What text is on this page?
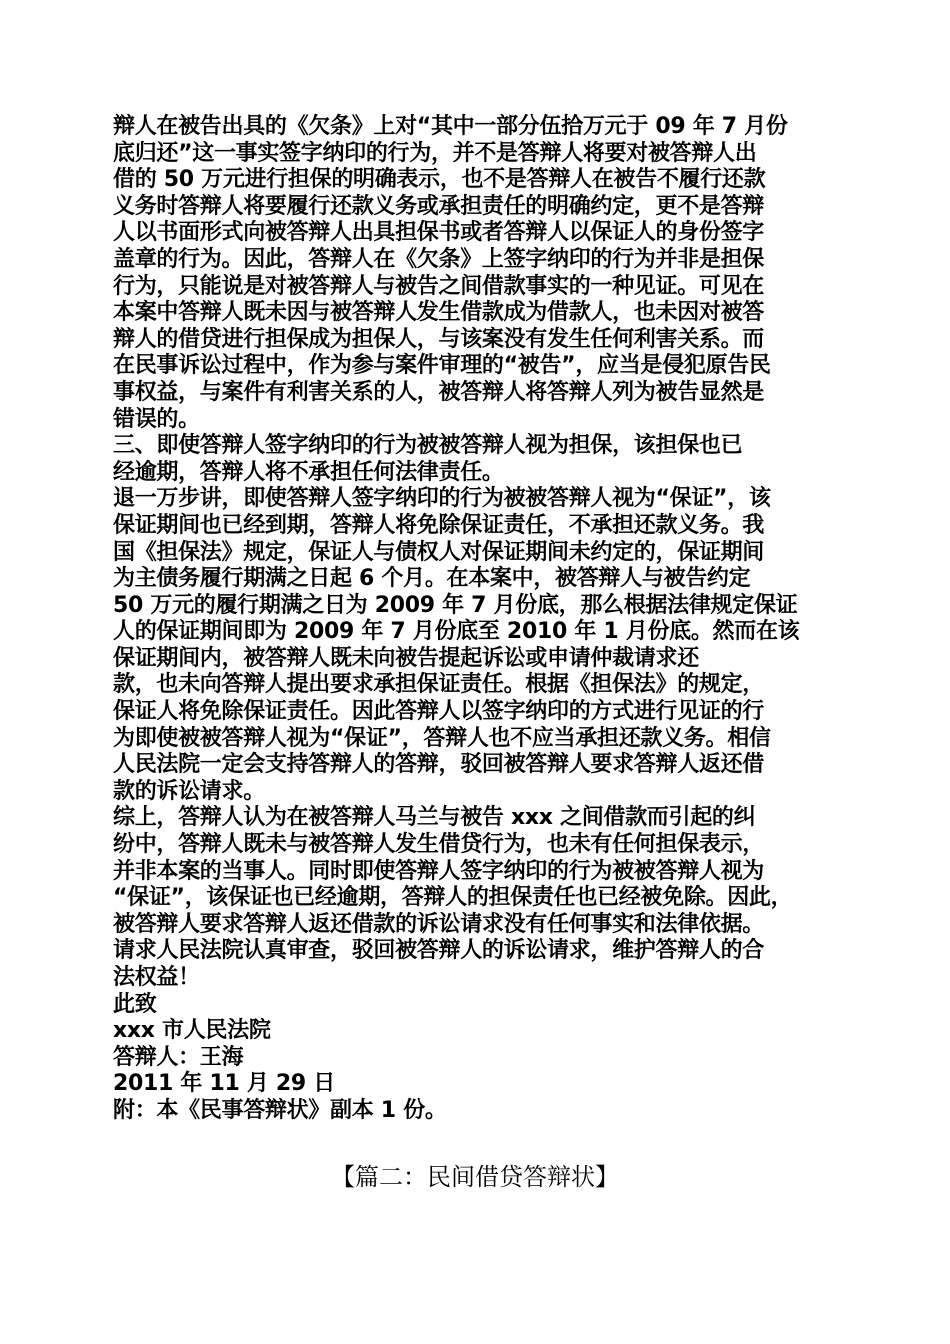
辩人在被告出具的《欠条》上对“其中一部分伍拾万元于 09 年 7 月份
底归还”这一事实签字纳印的行为，并不是答辩人将要对被答辩人出
借的 50 万元进行担保的明确表示，也不是答辩人在被告不履行还款
义务时答辩人将要履行还款义务或承担责任的明确约定，更不是答辩
人以书面形式向被答辩人出具担保书或者答辩人以保证人的身份签字
盖章的行为。因此，答辩人在《欠条》上签字纳印的行为并非是担保
行为，只能说是对被答辩人与被告之间借款事实的一种见证。可见在
本案中答辩人既未因与被答辩人发生借款成为借款人，也未因对被答
辩人的借贷进行担保成为担保人，与该案没有发生任何利害关系。而
在民事诉讼过程中，作为参与案件审理的“被告”，应当是侵犯原告民
事权益，与案件有利害关系的人，被答辩人将答辩人列为被告显然是
错误的。
三、即使答辩人签字纳印的行为被被答辩人视为担保，该担保也已
经逾期，答辩人将不承担任何法律责任。
退一万步讲，即使答辩人签字纳印的行为被被答辩人视为“保证”，该
保证期间也已经到期，答辩人将免除保证责任，不承担还款义务。我
国《担保法》规定，保证人与债权人对保证期间未约定的，保证期间
为主债务履行期满之日起 6 个月。在本案中，被答辩人与被告约定
50 万元的履行期满之日为 2009 年 7 月份底，那么根据法律规定保证
人的保证期间即为 2009 年 7 月份底至 2010 年 1 月份底。然而在该
保证期间内，被答辩人既未向被告提起诉讼或申请仲裁请求还
款，也未向答辩人提出要求承担保证责任。根据《担保法》的规定，
保证人将免除保证责任。因此答辩人以签字纳印的方式进行见证的行
为即使被被答辩人视为“保证”，答辩人也不应当承担还款义务。相信
人民法院一定会支持答辩人的答辩，驳回被答辩人要求答辩人返还借
款的诉讼请求。
综上，答辩人认为在被答辩人马兰与被告 xxx 之间借款而引起的纠
纷中，答辩人既未与被答辩人发生借贷行为，也未有任何担保表示，
并非本案的当事人。同时即使答辩人签字纳印的行为被被答辩人视为
“保证”，该保证也已经逾期，答辩人的担保责任也已经被免除。因此，
被答辩人要求答辩人返还借款的诉讼请求没有任何事实和法律依据。
请求人民法院认真审查，驳回被答辩人的诉讼请求，维护答辩人的合
法权益！
此致
xxx 市人民法院
答辩人：王海
2011 年 11 月 29 日
附：本《民事答辩状》副本 1 份。
【篇二：民间借贷答辩状】
